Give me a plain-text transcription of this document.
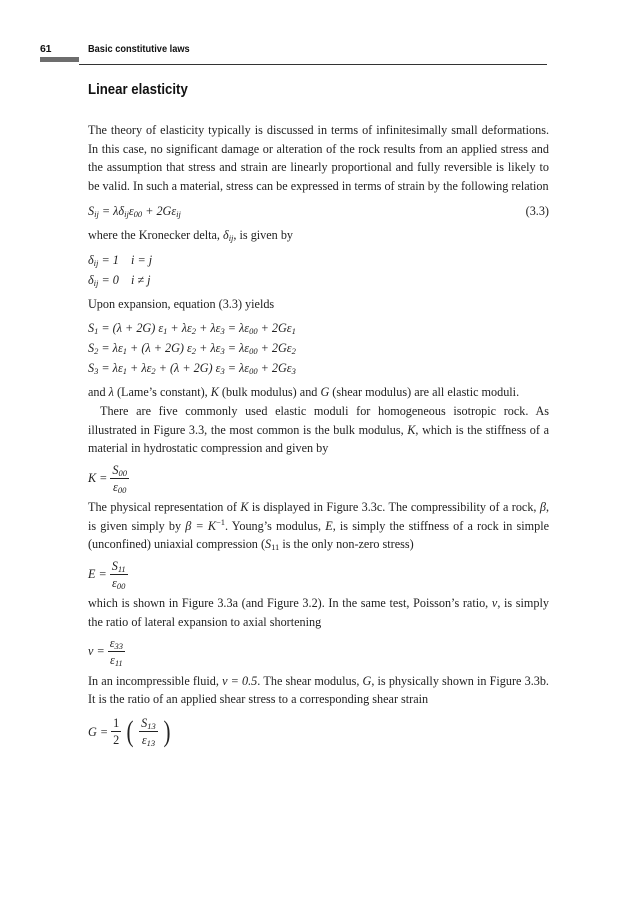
61	Basic constitutive laws
Linear elasticity

The theory of elasticity typically is discussed in terms of infinitesimally small deformations. In this case, no significant damage or alteration of the rock results from an applied stress and the assumption that stress and strain are linearly proportional and fully reversible is likely to be valid. In such a material, stress can be expressed in terms of strain by the following relation

$S_{ij} = \lambda\delta_{ij}\varepsilon_{00} + 2G\varepsilon_{ij}$	(3.3)

where the Kronecker delta, $\delta_{ij}$, is given by

$\delta_{ij} = 1$    i = j
$\delta_{ij} = 0$    i ≠ j

Upon expansion, equation (3.3) yields

$S_1 = (\lambda + 2G) \varepsilon_1 + \lambda\varepsilon_2 + \lambda\varepsilon_3 = \lambda\varepsilon_{00} + 2G\varepsilon_1$
$S_2 = \lambda\varepsilon_1 + (\lambda + 2G) \varepsilon_2 + \lambda\varepsilon_3 = \lambda\varepsilon_{00} + 2G\varepsilon_2$
$S_3 = \lambda\varepsilon_1 + \lambda\varepsilon_2 + (\lambda + 2G) \varepsilon_3 = \lambda\varepsilon_{00} + 2G\varepsilon_3$

and λ (Lame’s constant), K (bulk modulus) and G (shear modulus) are all elastic moduli.

There are five commonly used elastic moduli for homogeneous isotropic rock. As illustrated in Figure 3.3, the most common is the bulk modulus, K, which is the stiffness of a material in hydrostatic compression and given by

$K = \frac{S_{00}}{\varepsilon_{00}}$

The physical representation of K is displayed in Figure 3.3c. The compressibility of a rock, β, is given simply by $\beta = K^{-1}$. Young’s modulus, E, is simply the stiffness of a rock in simple (unconfined) uniaxial compression ($S_{11}$ is the only non-zero stress)

$E = \frac{S_{11}}{\varepsilon_{00}}$

which is shown in Figure 3.3a (and Figure 3.2). In the same test, Poisson’s ratio, ν, is simply the ratio of lateral expansion to axial shortening

$\nu = \frac{\varepsilon_{33}}{\varepsilon_{11}}$

In an incompressible fluid, ν = 0.5. The shear modulus, G, is physically shown in Figure 3.3b. It is the ratio of an applied shear stress to a corresponding shear strain

$G = \frac{1}{2}$ ( $\frac{S_{13}}{\varepsilon_{13}}$ )
